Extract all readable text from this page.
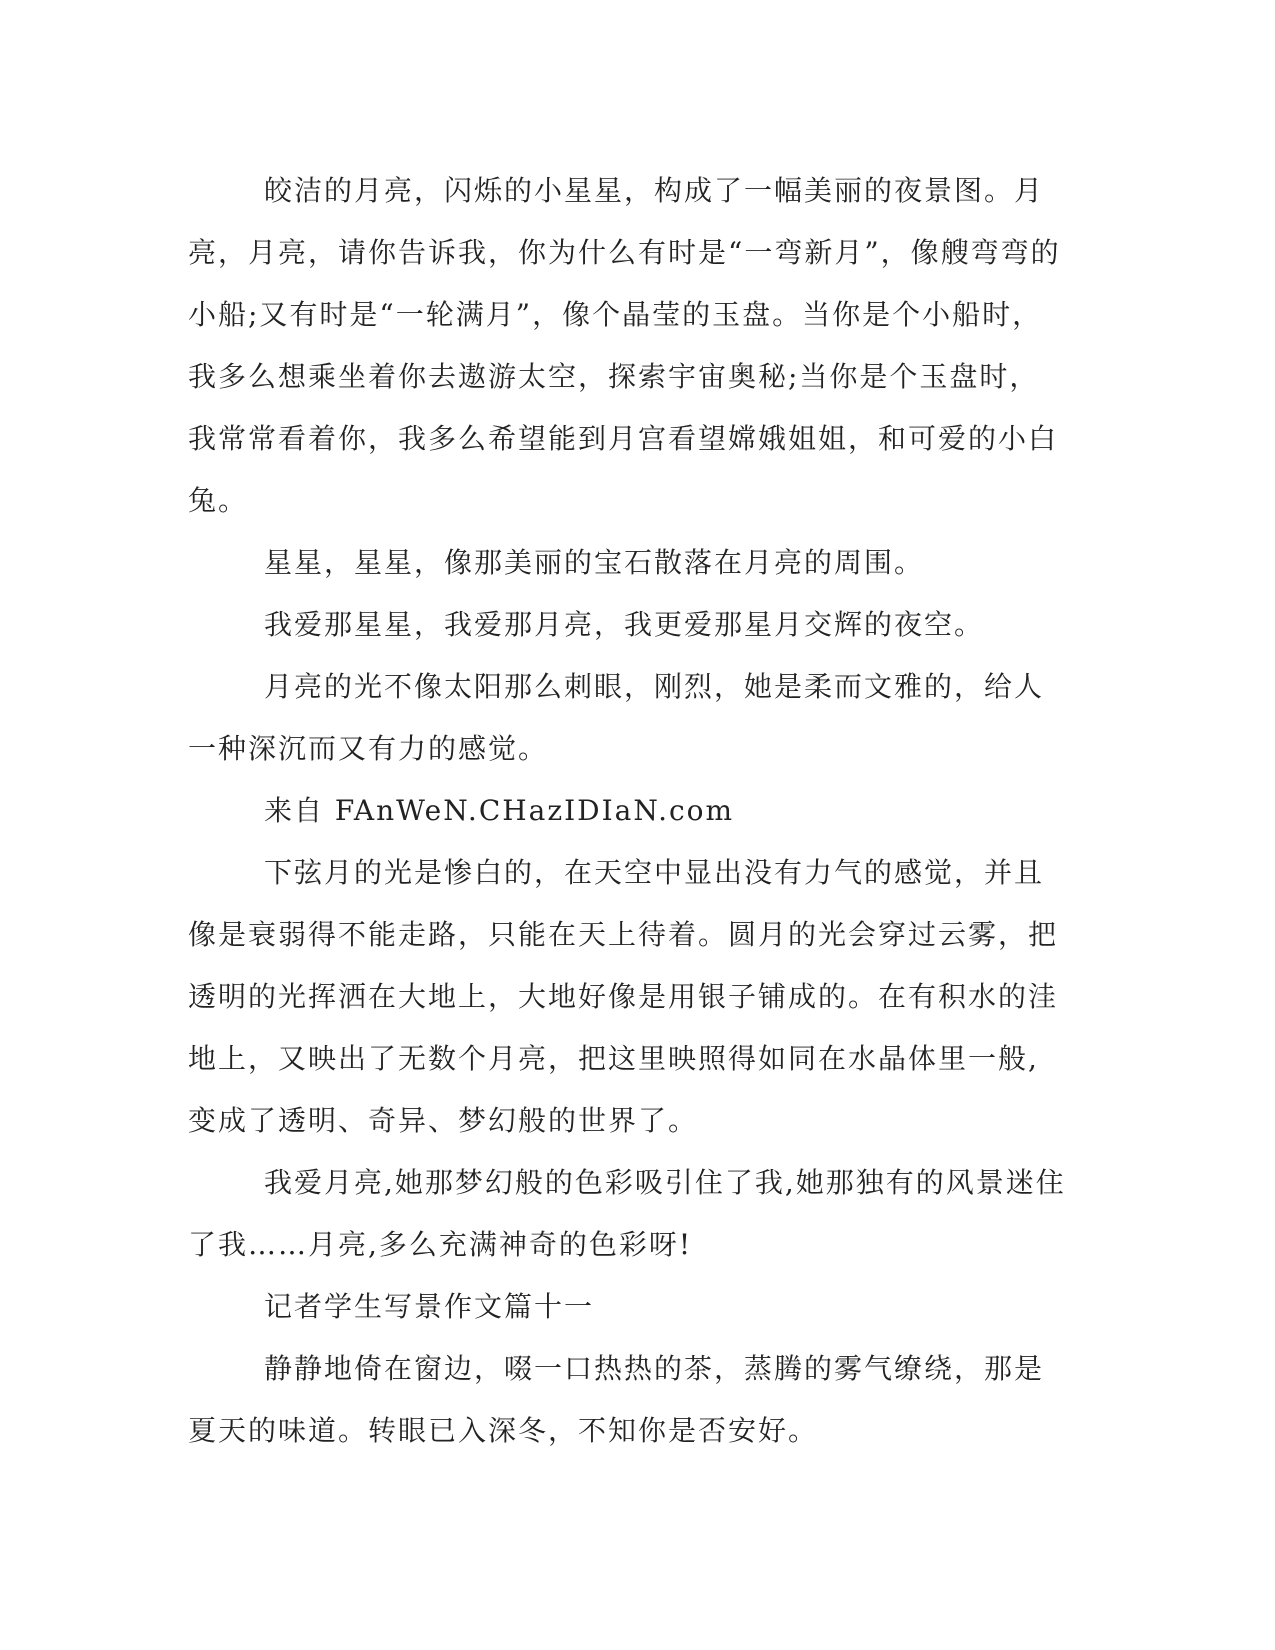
皎洁的月亮，闪烁的小星星，构成了一幅美丽的夜景图。月亮，月亮，请你告诉我，你为什么有时是“一弯新月”，像艘弯弯的小船;又有时是“一轮满月”，像个晶莹的玉盘。当你是个小船时，我多么想乘坐着你去遨游太空，探索宇宙奥秘;当你是个玉盘时，我常常看着你，我多么希望能到月宫看望嫦娥姐姐，和可爱的小白兔。

星星，星星，像那美丽的宝石散落在月亮的周围。

我爱那星星，我爱那月亮，我更爱那星月交辉的夜空。

月亮的光不像太阳那么刺眼，刚烈，她是柔而文雅的，给人一种深沉而又有力的感觉。

来自 FAnWeN.CHazIDIaN.com

下弦月的光是惨白的，在天空中显出没有力气的感觉，并且像是衰弱得不能走路，只能在天上待着。圆月的光会穿过云雾，把透明的光挥洒在大地上，大地好像是用银子铺成的。在有积水的洼地上，又映出了无数个月亮，把这里映照得如同在水晶体里一般,变成了透明、奇异、梦幻般的世界了。

我爱月亮,她那梦幻般的色彩吸引住了我,她那独有的风景迷住了我……月亮,多么充满神奇的色彩呀!

记者学生写景作文篇十一

静静地倚在窗边，啜一口热热的茶，蒸腾的雾气缭绕，那是夏天的味道。转眼已入深冬，不知你是否安好。
